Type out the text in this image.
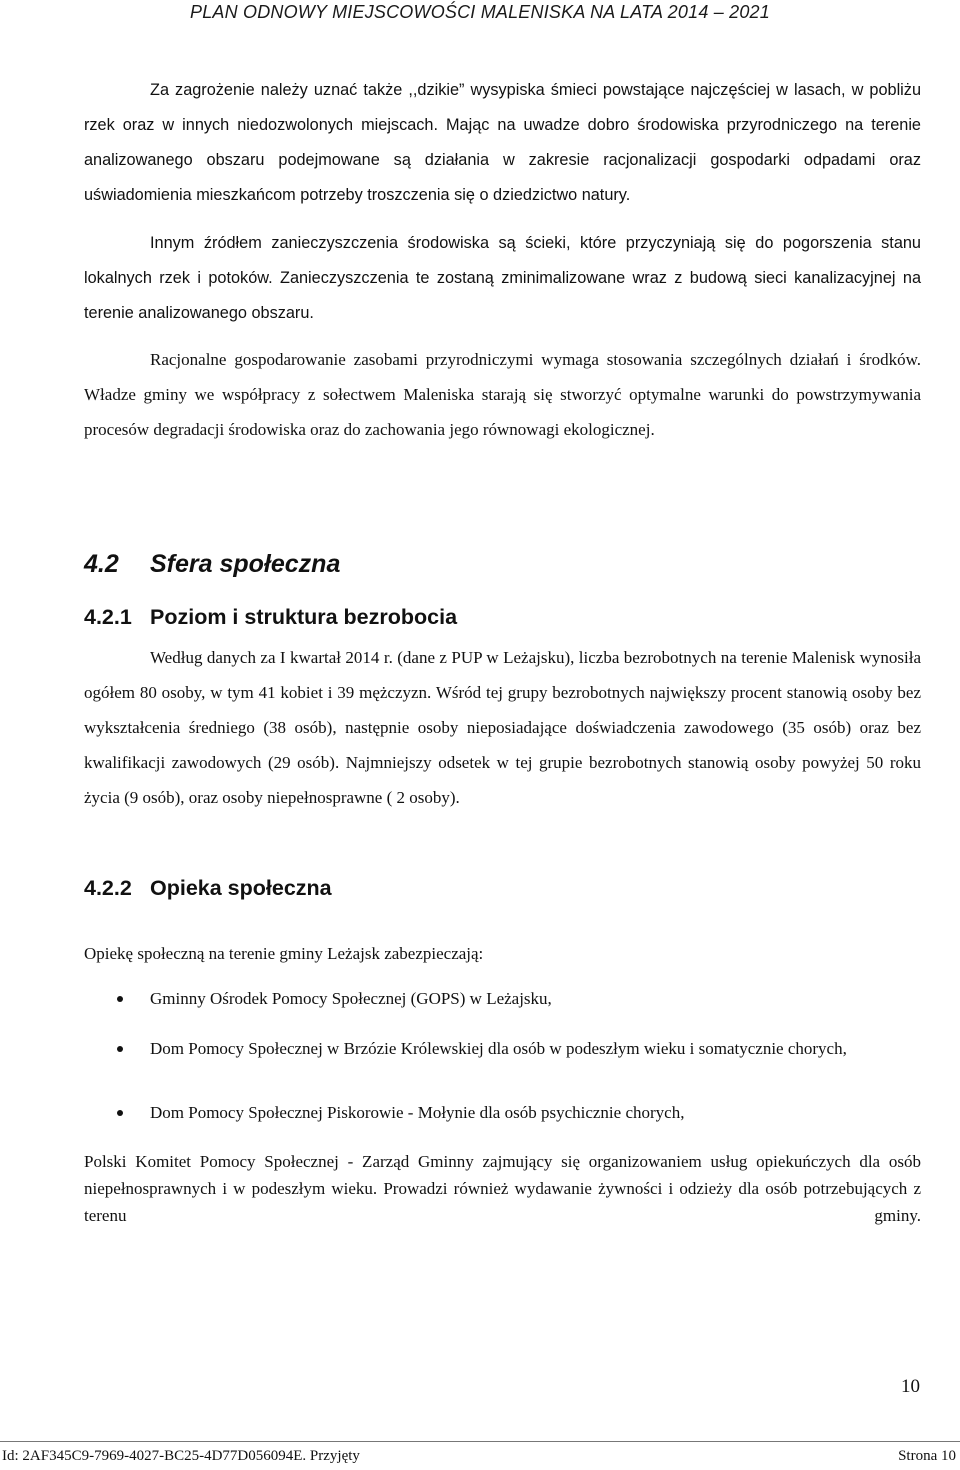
PLAN ODNOWY MIEJSCOWOŚCI MALENISKA NA LATA 2014 – 2021

Za zagrożenie należy uznać także ,,dzikie” wysypiska śmieci powstające najczęściej w lasach, w pobliżu rzek oraz w innych niedozwolonych miejscach. Mając na uwadze dobro środowiska przyrodniczego na terenie analizowanego obszaru podejmowane są działania w zakresie racjonalizacji gospodarki odpadami oraz uświadomienia mieszkańcom potrzeby troszczenia się o dziedzictwo natury.

Innym źródłem zanieczyszczenia środowiska są ścieki, które przyczyniają się do pogorszenia stanu lokalnych rzek i potoków. Zanieczyszczenia te zostaną zminimalizowane wraz z budową sieci kanalizacyjnej na terenie analizowanego obszaru.

Racjonalne gospodarowanie zasobami przyrodniczymi wymaga stosowania szczególnych działań i środków. Władze gminy we współpracy z sołectwem Maleniska starają się stworzyć optymalne warunki do powstrzymywania procesów degradacji środowiska oraz do zachowania jego równowagi ekologicznej.

4.2 Sfera społeczna
4.2.1 Poziom i struktura bezrobocia

Według danych za I kwartał 2014 r. (dane z PUP w Leżajsku), liczba bezrobotnych na terenie Malenisk wynosiła ogółem 80 osoby, w tym 41 kobiet i 39 mężczyzn. Wśród tej grupy bezrobotnych największy procent stanowią osoby bez wykształcenia średniego (38 osób), następnie osoby nieposiadające doświadczenia zawodowego (35 osób) oraz bez kwalifikacji zawodowych (29 osób). Najmniejszy odsetek w tej grupie bezrobotnych stanowią osoby powyżej 50 roku życia (9 osób), oraz osoby niepełnosprawne ( 2 osoby).

4.2.2 Opieka społeczna

Opiekę społeczną na terenie gminy Leżajsk zabezpieczają:

Gminny Ośrodek Pomocy Społecznej (GOPS) w Leżajsku,
Dom Pomocy Społecznej w Brzózie Królewskiej dla osób w podeszłym wieku i somatycznie chorych,
Dom Pomocy Społecznej Piskorowie - Mołynie dla osób psychicznie chorych,

Polski Komitet Pomocy Społecznej - Zarząd Gminny zajmujący się organizowaniem usług opiekuńczych dla osób niepełnosprawnych i w podeszłym wieku. Prowadzi również wydawanie żywności i odzieży dla osób potrzebujących z terenu gminy.

10
Id: 2AF345C9-7969-4027-BC25-4D77D056094E. Przyjęty	Strona 10
